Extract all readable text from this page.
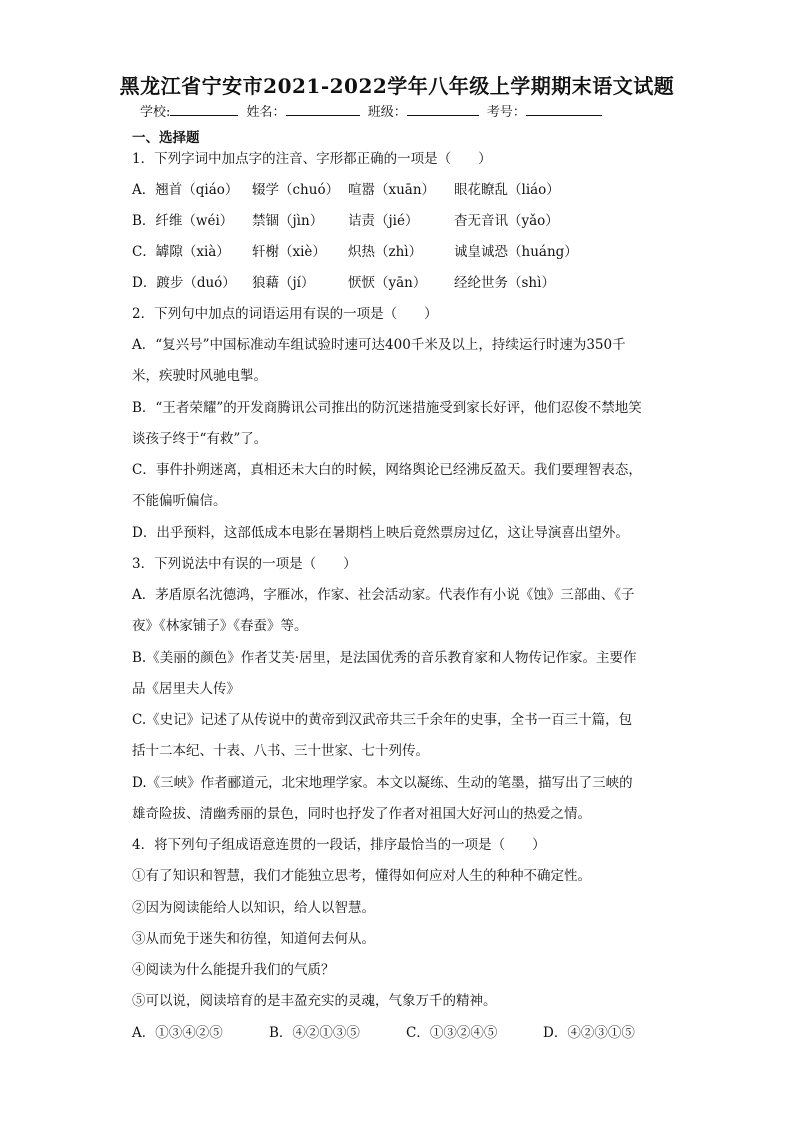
黑龙江省宁安市2021-2022学年八年级上学期期末语文试题
学校:	姓名：	班级：	考号：
一、选择题
1．下列字词中加点字的注音、字形都正确的一项是（　　）
A．翘首（qiáo） 辍学（chuó） 喧嚣（xuān） 眼花瞭乱（liáo）
B．纤维（wéi） 禁锢（jìn） 诘责（jié）	杳无音讯（yǎo）
C．罅隙（xià） 轩榭（xiè） 炽热（zhì） 诚皇诚恐（huáng）
D．踱步（duó） 狼藉（jí） 恹恹（yān） 经纶世务（shì）
2．下列句中加点的词语运用有误的一项是（　　）
A．“复兴号”中国标准动车组试验时速可达400千米及以上，持续运行时速为350千
米，疾驶时风驰电掣。
B．“王者荣耀”的开发商腾讯公司推出的防沉迷措施受到家长好评，他们忍俊不禁地笑
谈孩子终于“有救”了。
C．事件扑朔迷离，真相还未大白的时候，网络舆论已经沸反盈天。我们要理智表态，
不能偏听偏信。
D．出乎预料，这部低成本电影在暑期档上映后竟然票房过亿，这让导演喜出望外。
3．下列说法中有误的一项是（　　）
A．茅盾原名沈德鸿，字雁冰，作家、社会活动家。代表作有小说《蚀》三部曲、《子
夜》《林家铺子》《春蚕》等。
B.《美丽的颜色》作者艾芙·居里，是法国优秀的音乐教育家和人物传记作家。主要作
品《居里夫人传》
C.《史记》记述了从传说中的黄帝到汉武帝共三千余年的史事，全书一百三十篇，包
括十二本纪、十表、八书、三十世家、七十列传。
D.《三峡》作者郦道元，北宋地理学家。本文以凝练、生动的笔墨，描写出了三峡的
雄奇险拔、清幽秀丽的景色，同时也抒发了作者对祖国大好河山的热爱之情。
4．将下列句子组成语意连贯的一段话，排序最恰当的一项是（　　）
①有了知识和智慧，我们才能独立思考，懂得如何应对人生的种种不确定性。
②因为阅读能给人以知识，给人以智慧。
③从而免于迷失和彷徨，知道何去何从。
④阅读为什么能提升我们的气质？
⑤可以说，阅读培育的是丰盈充实的灵魂，气象万千的精神。
A．①③④②⑤	B．④②①③⑤	C．①③②④⑤	D．④②③①⑤
